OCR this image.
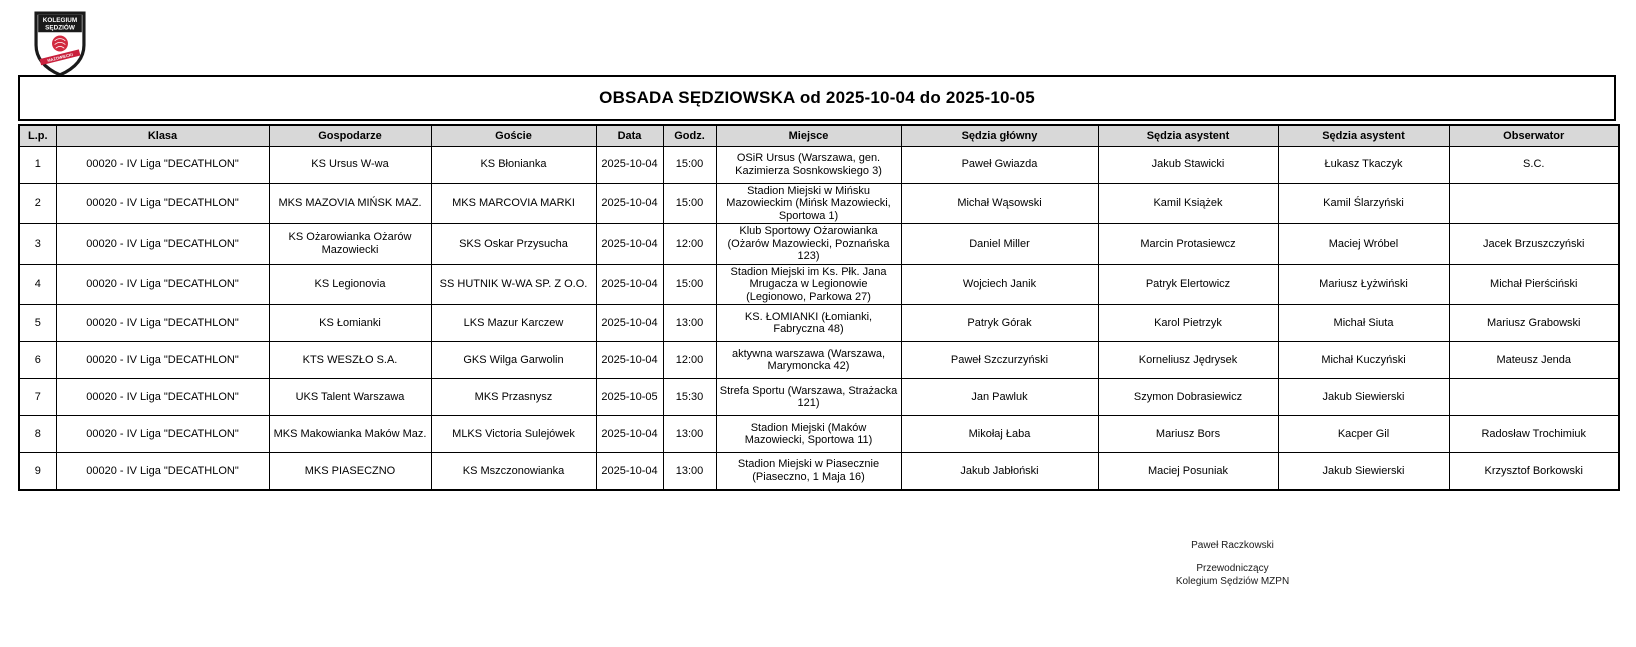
KOLEGIUM
SĘDZIÓW
MAZOWIECKI
OBSADA SĘDZIOWSKA od 2025-10-04 do 2025-10-05
L.p.	Klasa	Gospodarze	Goście	Data	Godz.	Miejsce	Sędzia główny	Sędzia asystent	Sędzia asystent	Obserwator
1	00020 - IV Liga "DECATHLON"	KS Ursus W-wa	KS Błonianka	2025-10-04	15:00	OSiR Ursus (Warszawa, gen. Kazimierza Sosnkowskiego 3)	Paweł Gwiazda	Jakub Stawicki	Łukasz Tkaczyk	S.C.
2	00020 - IV Liga "DECATHLON"	MKS MAZOVIA MIŃSK MAZ.	MKS MARCOVIA MARKI	2025-10-04	15:00	Stadion Miejski w Mińsku Mazowieckim (Mińsk Mazowiecki, Sportowa 1)	Michał Wąsowski	Kamil Książek	Kamil Ślarzyński	
3	00020 - IV Liga "DECATHLON"	KS Ożarowianka Ożarów Mazowiecki	SKS Oskar Przysucha	2025-10-04	12:00	Klub Sportowy Ożarowianka (Ożarów Mazowiecki, Poznańska 123)	Daniel Miller	Marcin Protasiewcz	Maciej Wróbel	Jacek Brzuszczyński
4	00020 - IV Liga "DECATHLON"	KS Legionovia	SS HUTNIK W-WA SP. Z O.O.	2025-10-04	15:00	Stadion Miejski im Ks. Płk. Jana Mrugacza w Legionowie (Legionowo, Parkowa 27)	Wojciech Janik	Patryk Elertowicz	Mariusz Łyżwiński	Michał Pierściński
5	00020 - IV Liga "DECATHLON"	KS Łomianki	LKS Mazur Karczew	2025-10-04	13:00	KS. ŁOMIANKI (Łomianki, Fabryczna 48)	Patryk Górak	Karol Pietrzyk	Michał Siuta	Mariusz Grabowski
6	00020 - IV Liga "DECATHLON"	KTS WESZŁO S.A.	GKS Wilga Garwolin	2025-10-04	12:00	aktywna warszawa (Warszawa, Marymoncka 42)	Paweł Szczurzyński	Korneliusz Jędrysek	Michał Kuczyński	Mateusz Jenda
7	00020 - IV Liga "DECATHLON"	UKS Talent Warszawa	MKS Przasnysz	2025-10-05	15:30	Strefa Sportu (Warszawa, Strażacka 121)	Jan Pawluk	Szymon Dobrasiewicz	Jakub Siewierski	
8	00020 - IV Liga "DECATHLON"	MKS Makowianka Maków Maz.	MLKS Victoria Sulejówek	2025-10-04	13:00	Stadion Miejski (Maków Mazowiecki, Sportowa 11)	Mikołaj Łaba	Mariusz Bors	Kacper Gil	Radosław Trochimiuk
9	00020 - IV Liga "DECATHLON"	MKS PIASECZNO	KS Mszczonowianka	2025-10-04	13:00	Stadion Miejski w Piasecznie (Piaseczno, 1 Maja 16)	Jakub Jabłoński	Maciej Posuniak	Jakub Siewierski	Krzysztof Borkowski
Paweł Raczkowski
Przewodniczący
Kolegium Sędziów MZPN
